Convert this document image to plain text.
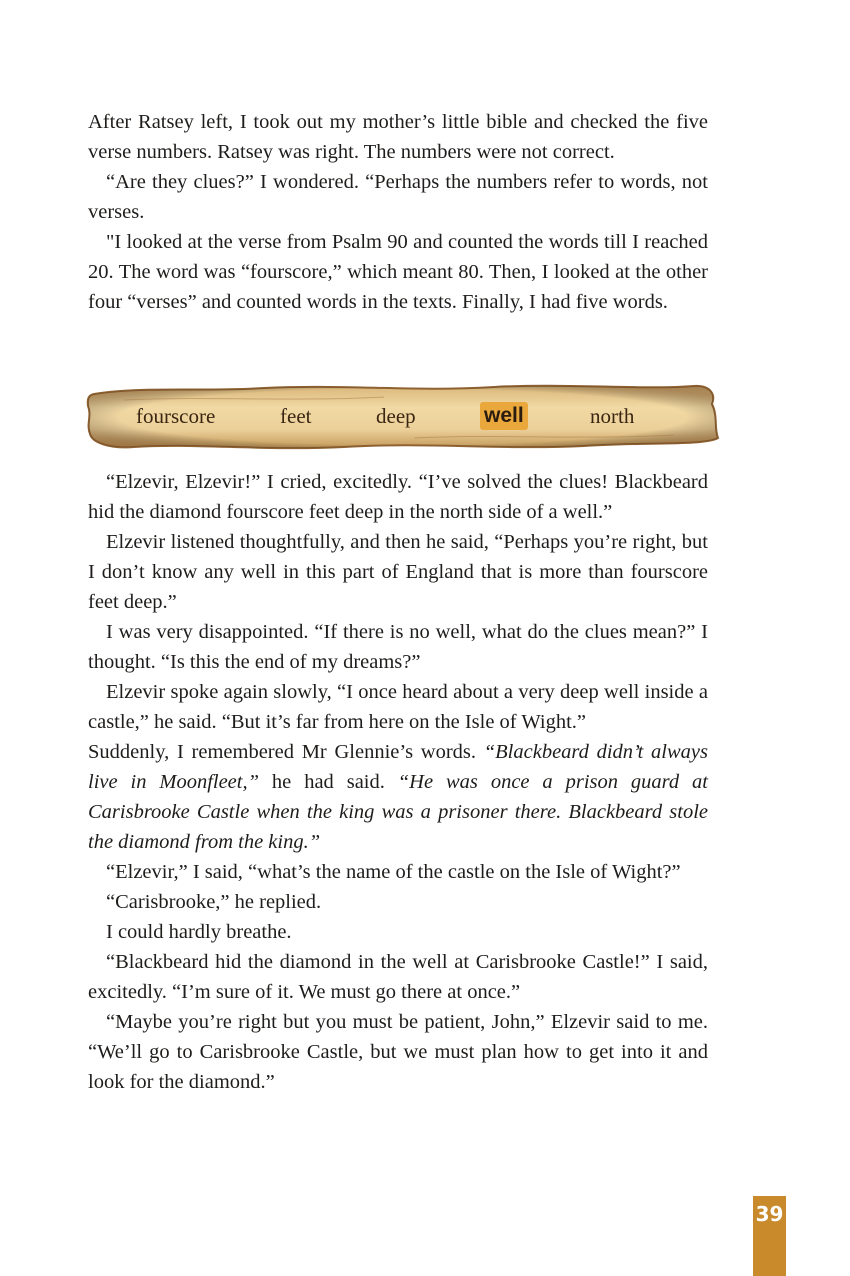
After Ratsey left, I took out my mother’s little bible and checked the five verse numbers. Ratsey was right. The numbers were not correct.

“Are they clues?” I wondered. “Perhaps the numbers refer to words, not verses.

"I looked at the verse from Psalm 90 and counted the words till I reached 20. The word was “fourscore,” which meant 80. Then, I looked at the other four “verses” and counted words in the texts. Finally, I had five words.

fourscore	feet	deep	well	north

“Elzevir, Elzevir!” I cried, excitedly. “I’ve solved the clues! Blackbeard hid the diamond fourscore feet deep in the north side of a well.”

Elzevir listened thoughtfully, and then he said, “Perhaps you’re right, but I don’t know any well in this part of England that is more than fourscore feet deep.”

I was very disappointed. “If there is no well, what do the clues mean?” I thought. “Is this the end of my dreams?”

Elzevir spoke again slowly, “I once heard about a very deep well inside a castle,” he said. “But it’s far from here on the Isle of Wight.”

Suddenly, I remembered Mr Glennie’s words. “Blackbeard didn’t always live in Moonfleet,” he had said. “He was once a prison guard at Carisbrooke Castle when the king was a prisoner there. Blackbeard stole the diamond from the king.”

“Elzevir,” I said, “what’s the name of the castle on the Isle of Wight?”

“Carisbrooke,” he replied.

I could hardly breathe.

“Blackbeard hid the diamond in the well at Carisbrooke Castle!” I said, excitedly. “I’m sure of it. We must go there at once.”

“Maybe you’re right but you must be patient, John,” Elzevir said to me. “We’ll go to Carisbrooke Castle, but we must plan how to get into it and look for the diamond.”

39
